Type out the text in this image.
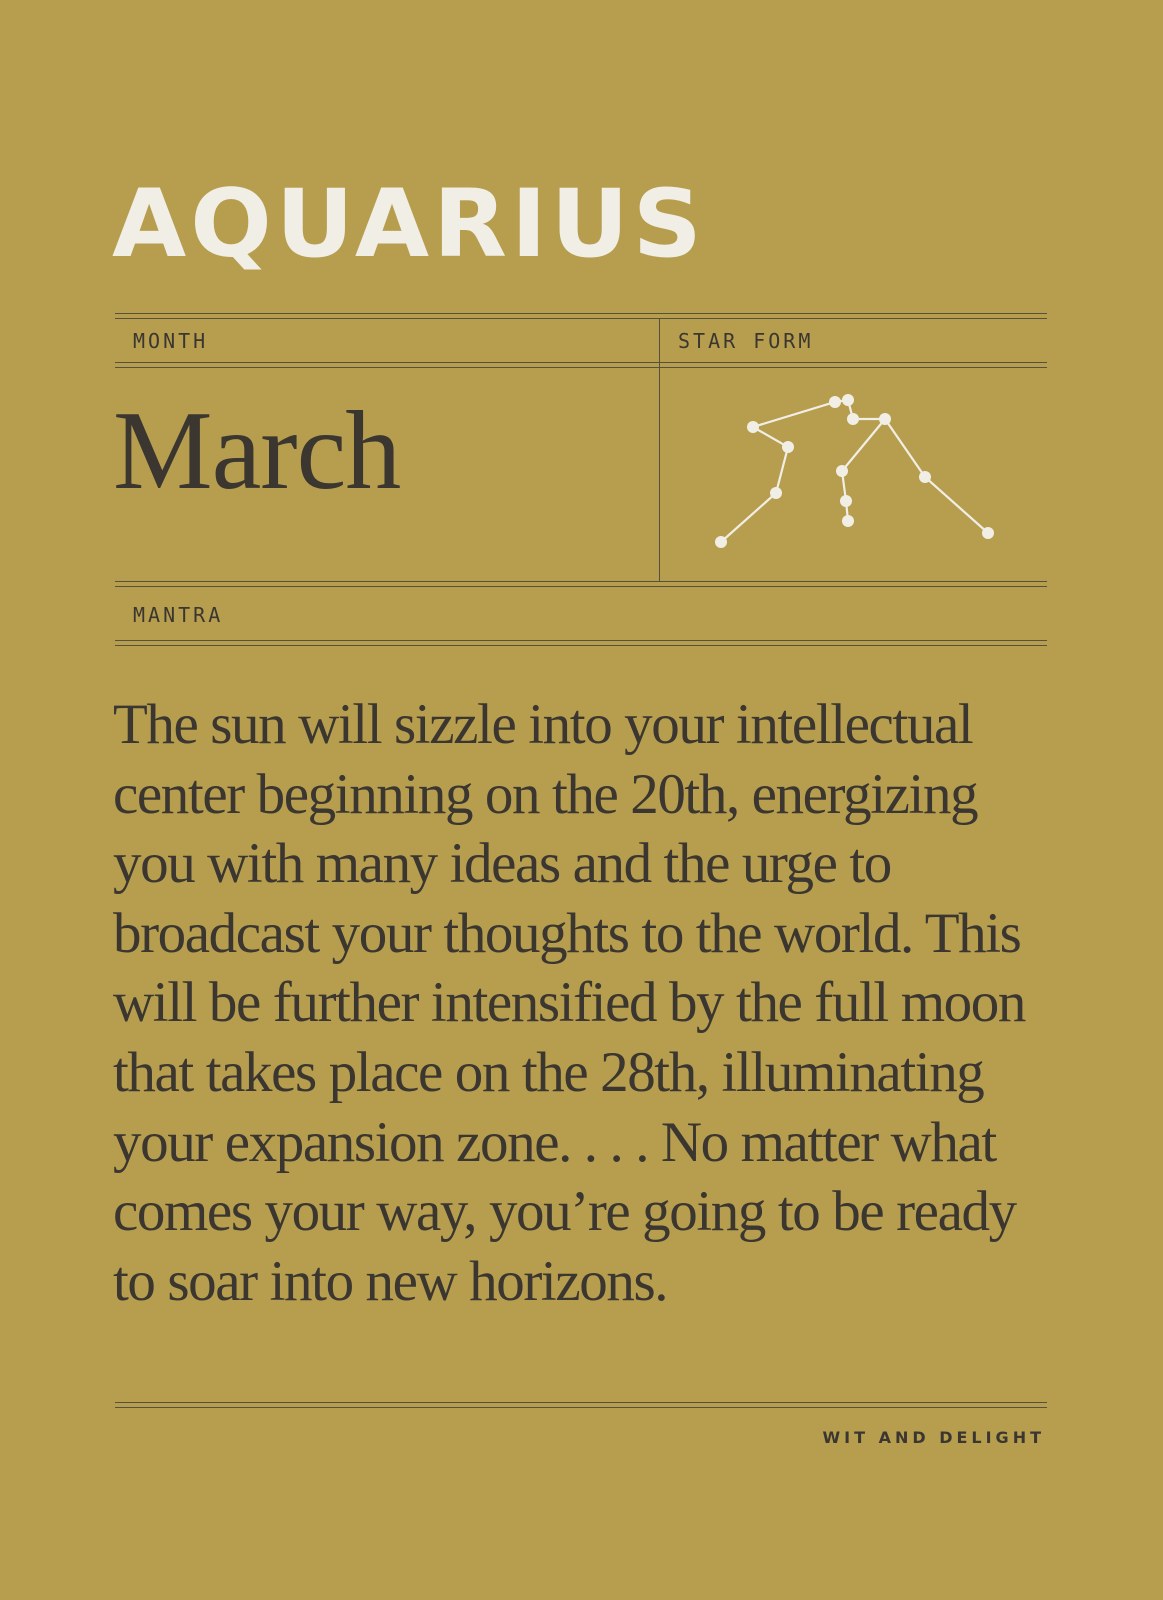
AQUARIUS
MONTH	STAR FORM
March
MANTRA

The sun will sizzle into your intellectual center beginning on the 20th, energizing you with many ideas and the urge to broadcast your thoughts to the world. This will be further intensified by the full moon that takes place on the 28th, illuminating your expansion zone. . . . No matter what comes your way, you’re going to be ready to soar into new horizons.

WIT AND DELIGHT
